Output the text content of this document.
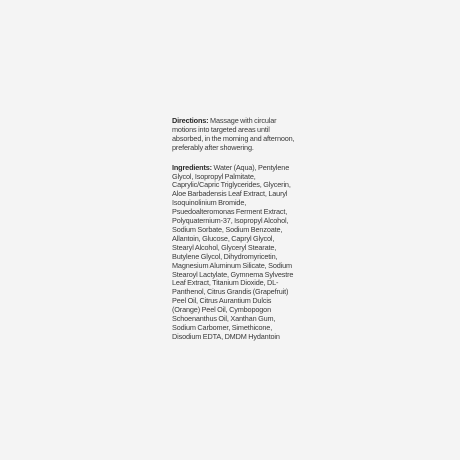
Directions: Massage with circular motions into targeted areas until absorbed, in the morning and afternoon, preferably after showering.

Ingredients: Water (Aqua), Pentylene Glycol, Isopropyl Palmitate, Caprylic/Capric Triglycerides, Glycerin, Aloe Barbadensis Leaf Extract, Lauryl Isoquinolinium Bromide, Psuedoalteromonas Ferment Extract, Polyquaternium-37, Isopropyl Alcohol, Sodium Sorbate, Sodium Benzoate, Allantoin, Glucose, Capryl Glycol, Stearyl Alcohol, Glyceryl Stearate, Butylene Glycol, Dihydromyricetin, Magnesium Aluminum Silicate, Sodium Stearoyl Lactylate, Gymnema Sylvestre Leaf Extract, Titanium Dioxide, DL-Panthenol, Citrus Grandis (Grapefruit) Peel Oil, Citrus Aurantium Dulcis (Orange) Peel Oil, Cymbopogon Schoenanthus Oil, Xanthan Gum, Sodium Carbomer, Simethicone, Disodium EDTA, DMDM Hydantoin
